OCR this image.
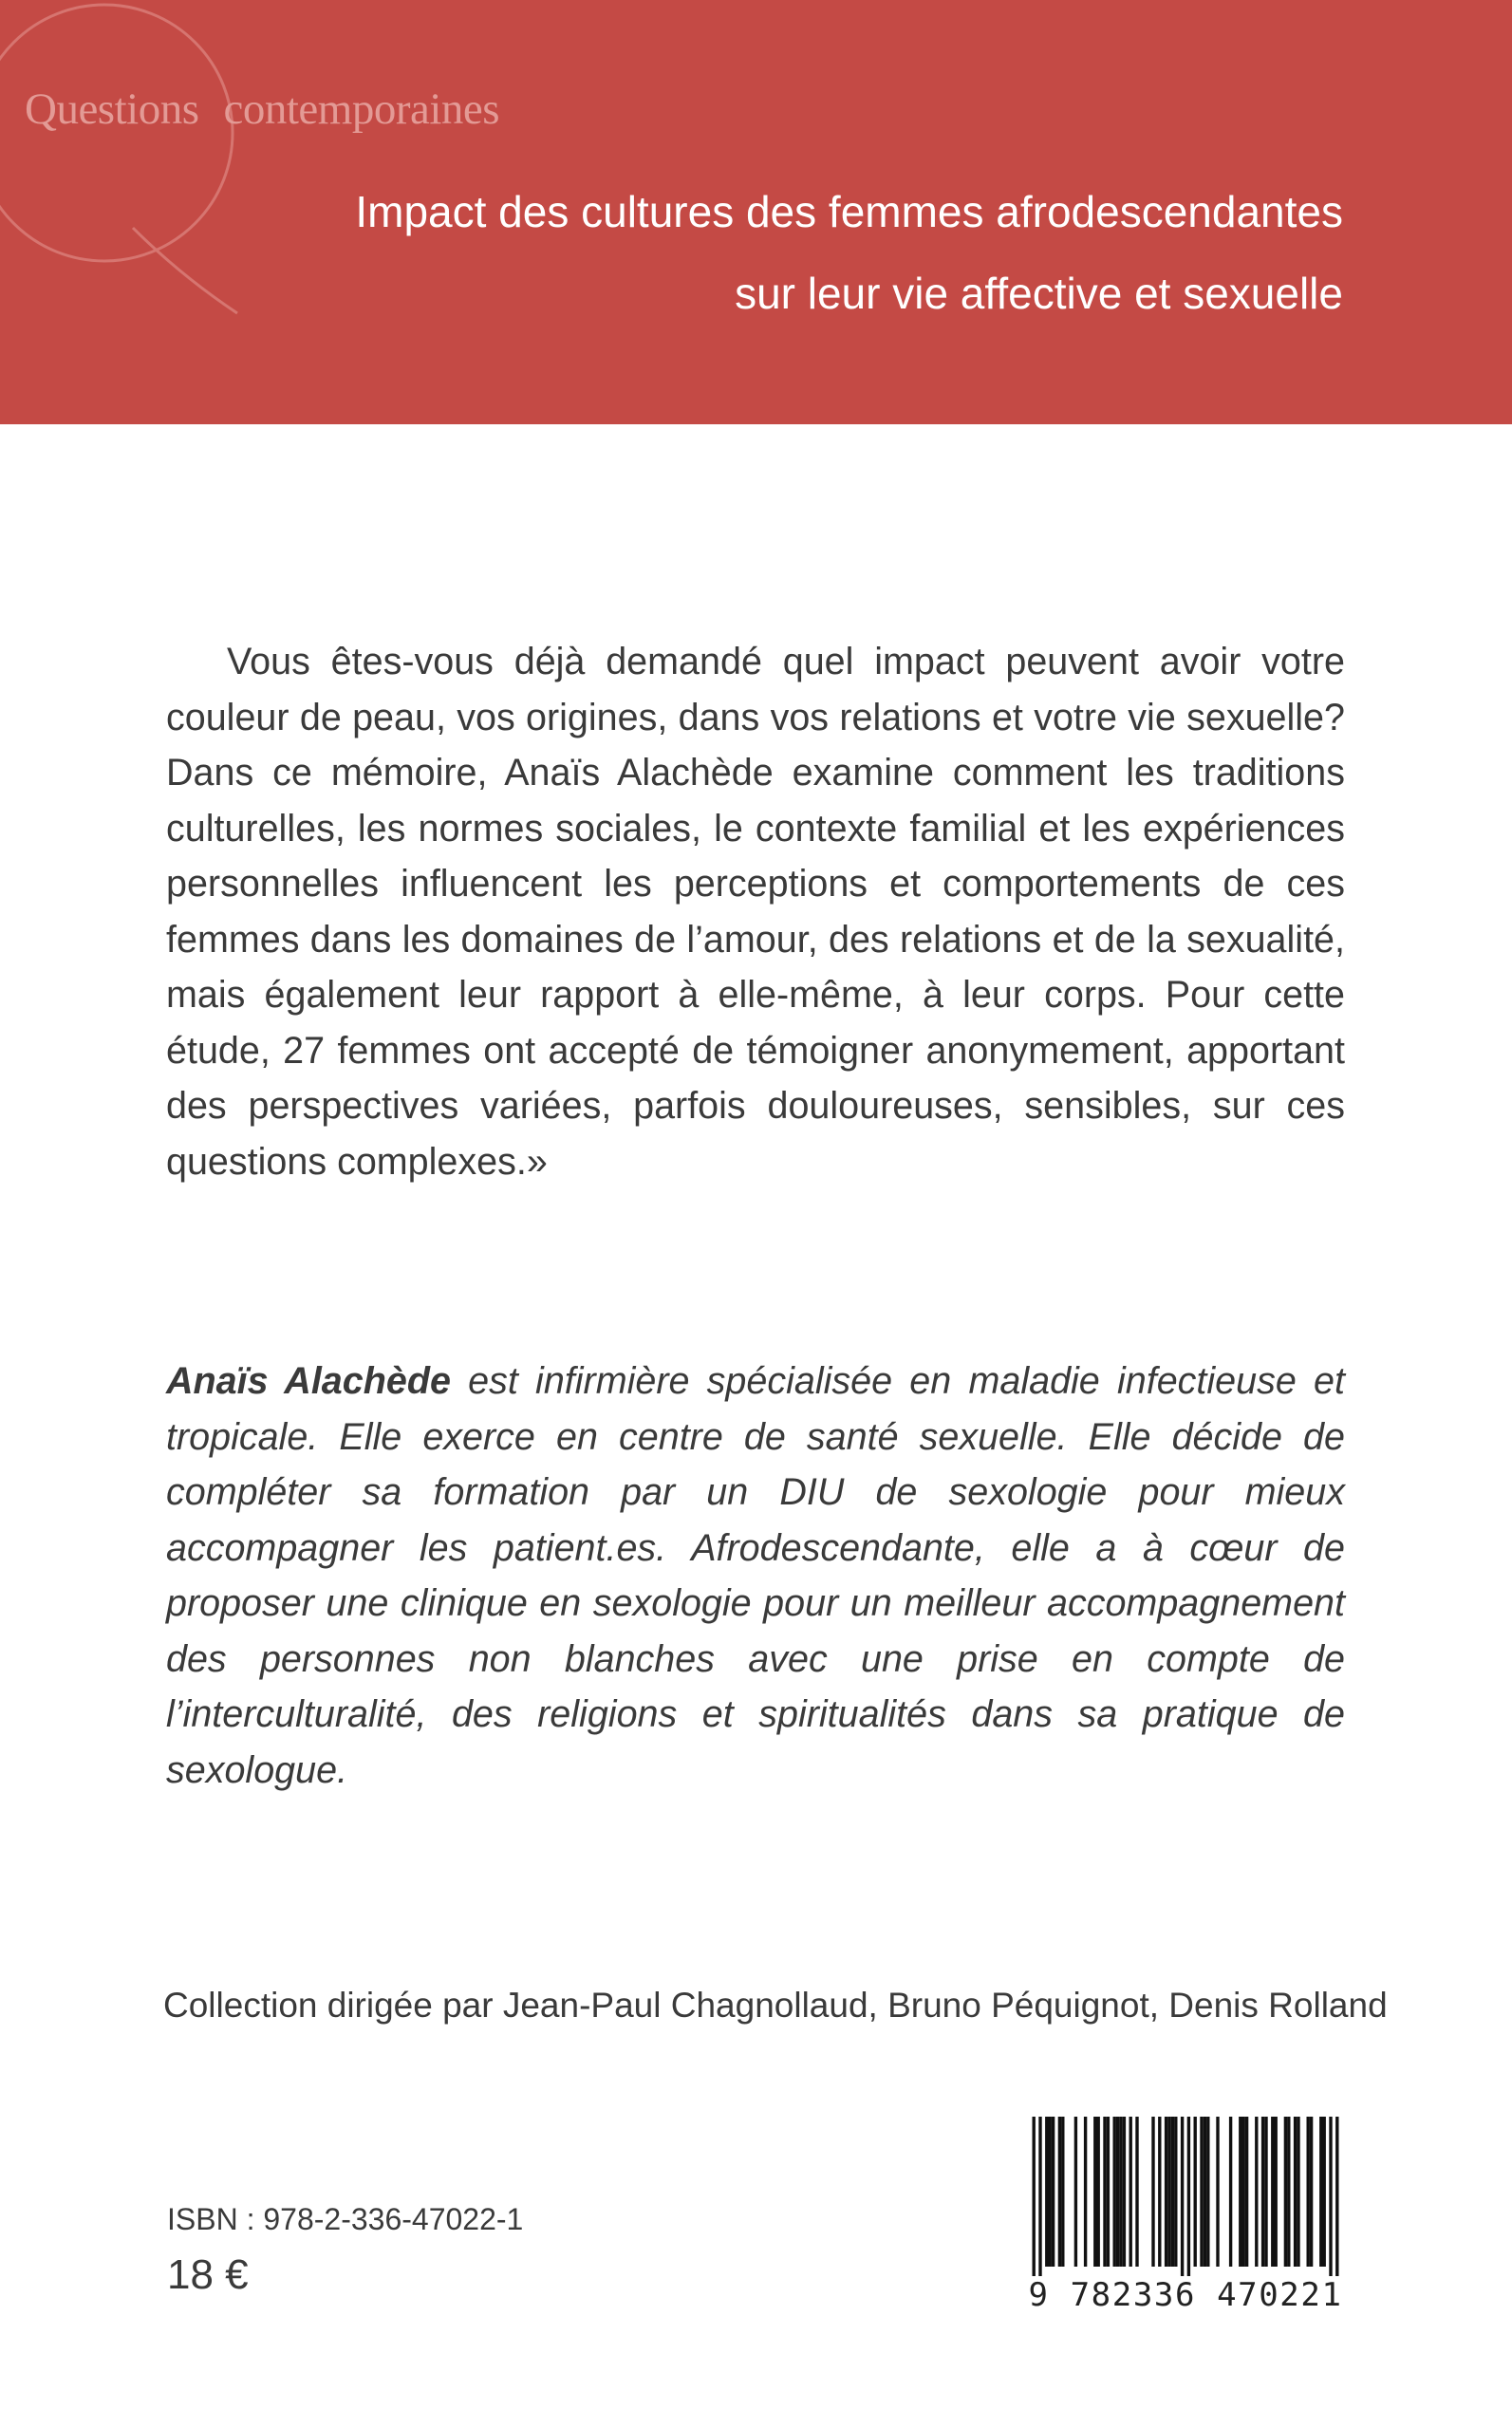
Questions contemporaines
Impact des cultures des femmes afrodescendantes
sur leur vie affective et sexuelle

Vous êtes-vous déjà demandé quel impact peuvent avoir votre couleur de peau, vos origines, dans vos relations et votre vie sexuelle? Dans ce mémoire, Anaïs Alachède examine comment les traditions culturelles, les normes sociales, le contexte familial et les expériences personnelles influencent les perceptions et comportements de ces femmes dans les domaines de l’amour, des relations et de la sexualité, mais également leur rapport à elle-même, à leur corps. Pour cette étude, 27 femmes ont accepté de témoigner anonymement, apportant des perspectives variées, parfois douloureuses, sensibles, sur ces questions complexes.»

Anaïs Alachède est infirmière spécialisée en maladie infectieuse et tropicale. Elle exerce en centre de santé sexuelle. Elle décide de compléter sa formation par un DIU de sexologie pour mieux accompagner les patient.es. Afrodescendante, elle a à cœur de proposer une clinique en sexologie pour un meilleur accompagnement des personnes non blanches avec une prise en compte de l’interculturalité, des religions et spiritualités dans sa pratique de sexologue.

Collection dirigée par Jean-Paul Chagnollaud, Bruno Péquignot, Denis Rolland
ISBN : 978-2-336-47022-1
18 €	9 782336 470221
